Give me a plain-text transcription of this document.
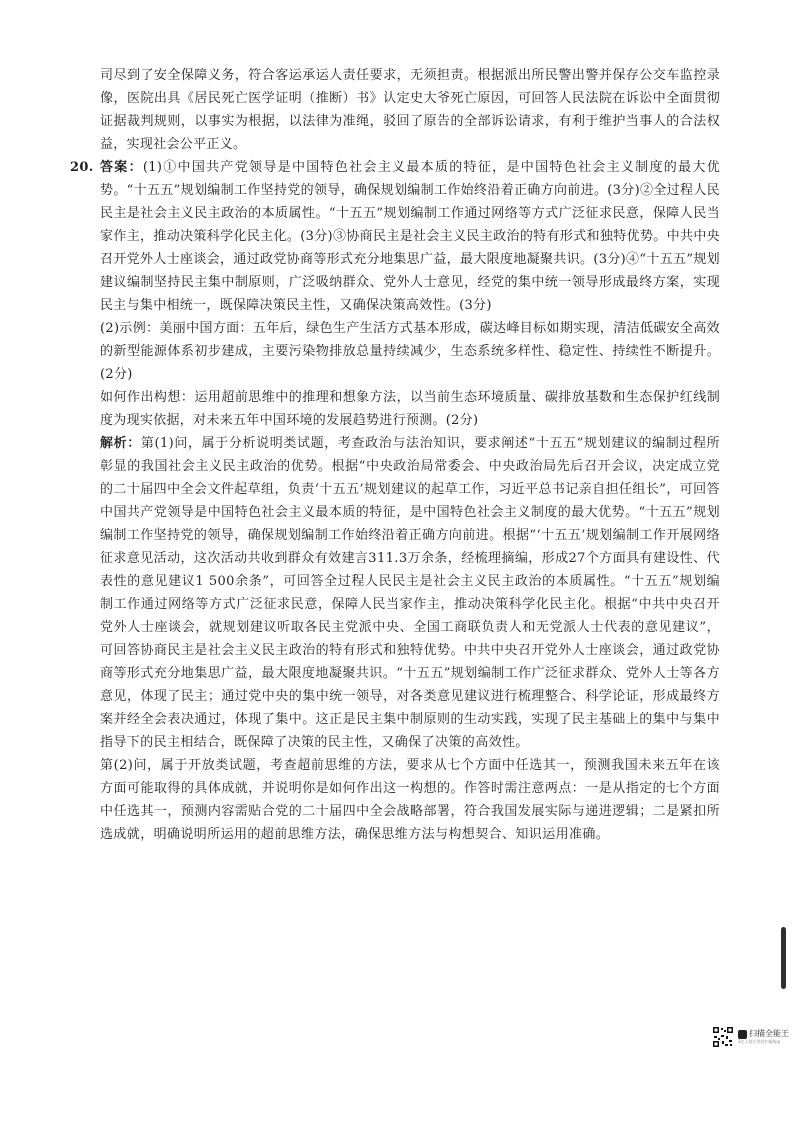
司尽到了安全保障义务，符合客运承运人责任要求，无须担责。根据派出所民警出警并保存公交车监控录像，医院出具《居民死亡医学证明（推断）书》认定史大爷死亡原因，可回答人民法院在诉讼中全面贯彻证据裁判规则，以事实为根据，以法律为准绳，驳回了原告的全部诉讼请求，有利于维护当事人的合法权益，实现社会公平正义。

20. 答案：(1)①中国共产党领导是中国特色社会主义最本质的特征，是中国特色社会主义制度的最大优势。“十五五”规划编制工作坚持党的领导，确保规划编制工作始终沿着正确方向前进。(3分)②全过程人民民主是社会主义民主政治的本质属性。“十五五”规划编制工作通过网络等方式广泛征求民意，保障人民当家作主，推动决策科学化民主化。(3分)③协商民主是社会主义民主政治的特有形式和独特优势。中共中央召开党外人士座谈会，通过政党协商等形式充分地集思广益，最大限度地凝聚共识。(3分)④“十五五”规划建议编制坚持民主集中制原则，广泛吸纳群众、党外人士意见，经党的集中统一领导形成最终方案，实现民主与集中相统一，既保障决策民主性，又确保决策高效性。(3分)

(2)示例：美丽中国方面：五年后，绿色生产生活方式基本形成，碳达峰目标如期实现，清洁低碳安全高效的新型能源体系初步建成，主要污染物排放总量持续减少，生态系统多样性、稳定性、持续性不断提升。(2分)

如何作出构想：运用超前思维中的推理和想象方法，以当前生态环境质量、碳排放基数和生态保护红线制度为现实依据，对未来五年中国环境的发展趋势进行预测。(2分)

解析：第(1)问，属于分析说明类试题，考查政治与法治知识，要求阐述“十五五”规划建议的编制过程所彰显的我国社会主义民主政治的优势。根据“中央政治局常委会、中央政治局先后召开会议，决定成立党的二十届四中全会文件起草组，负责‘十五五’规划建议的起草工作，习近平总书记亲自担任组长”，可回答中国共产党领导是中国特色社会主义最本质的特征，是中国特色社会主义制度的最大优势。“十五五”规划编制工作坚持党的领导，确保规划编制工作始终沿着正确方向前进。根据“‘十五五’规划编制工作开展网络征求意见活动，这次活动共收到群众有效建言311.3万余条，经梳理摘编，形成27个方面具有建设性、代表性的意见建议1 500余条”，可回答全过程人民民主是社会主义民主政治的本质属性。“十五五”规划编制工作通过网络等方式广泛征求民意，保障人民当家作主，推动决策科学化民主化。根据“中共中央召开党外人士座谈会，就规划建议听取各民主党派中央、全国工商联负责人和无党派人士代表的意见建议”，可回答协商民主是社会主义民主政治的特有形式和独特优势。中共中央召开党外人士座谈会，通过政党协商等形式充分地集思广益，最大限度地凝聚共识。“十五五”规划编制工作广泛征求群众、党外人士等各方意见，体现了民主；通过党中央的集中统一领导，对各类意见建议进行梳理整合、科学论证，形成最终方案并经全会表决通过，体现了集中。这正是民主集中制原则的生动实践，实现了民主基础上的集中与集中指导下的民主相结合，既保障了决策的民主性，又确保了决策的高效性。

第(2)问，属于开放类试题，考查超前思维的方法，要求从七个方面中任选其一，预测我国未来五年在该方面可能取得的具体成就，并说明你是如何作出这一构想的。作答时需注意两点：一是从指定的七个方面中任选其一，预测内容需贴合党的二十届四中全会战略部署，符合我国发展实际与递进逻辑；二是紧扣所选成就，明确说明所运用的超前思维方法，确保思维方法与构想契合、知识运用准确。

扫描全能王
3亿人都在用的扫描App
